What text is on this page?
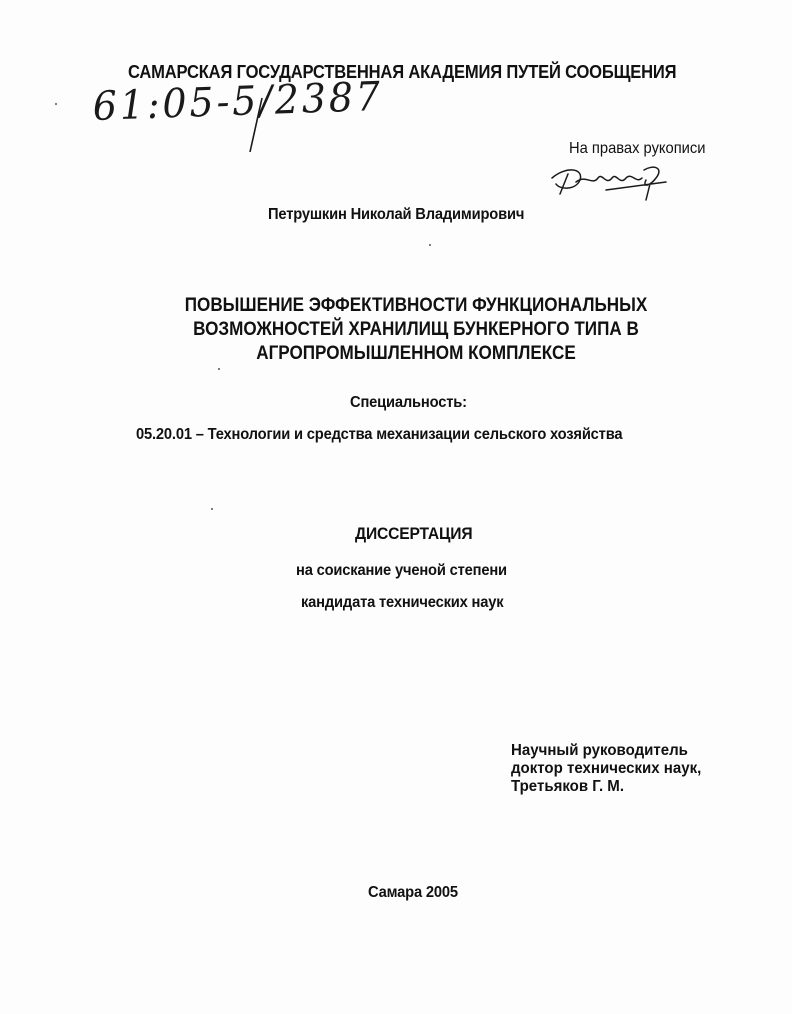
САМАРСКАЯ ГОСУДАРСТВЕННАЯ АКАДЕМИЯ ПУТЕЙ СООБЩЕНИЯ
61:05-5/2387
На правах рукописи
Петрушкин Николай Владимирович
ПОВЫШЕНИЕ ЭФФЕКТИВНОСТИ ФУНКЦИОНАЛЬНЫХ
ВОЗМОЖНОСТЕЙ ХРАНИЛИЩ БУНКЕРНОГО ТИПА В
АГРОПРОМЫШЛЕННОМ КОМПЛЕКСЕ
Специальность:
05.20.01 – Технологии и средства механизации сельского хозяйства
ДИССЕРТАЦИЯ
на соискание ученой степени
кандидата технических наук
Научный руководитель
доктор технических наук,
Третьяков Г. М.
Самара 2005
